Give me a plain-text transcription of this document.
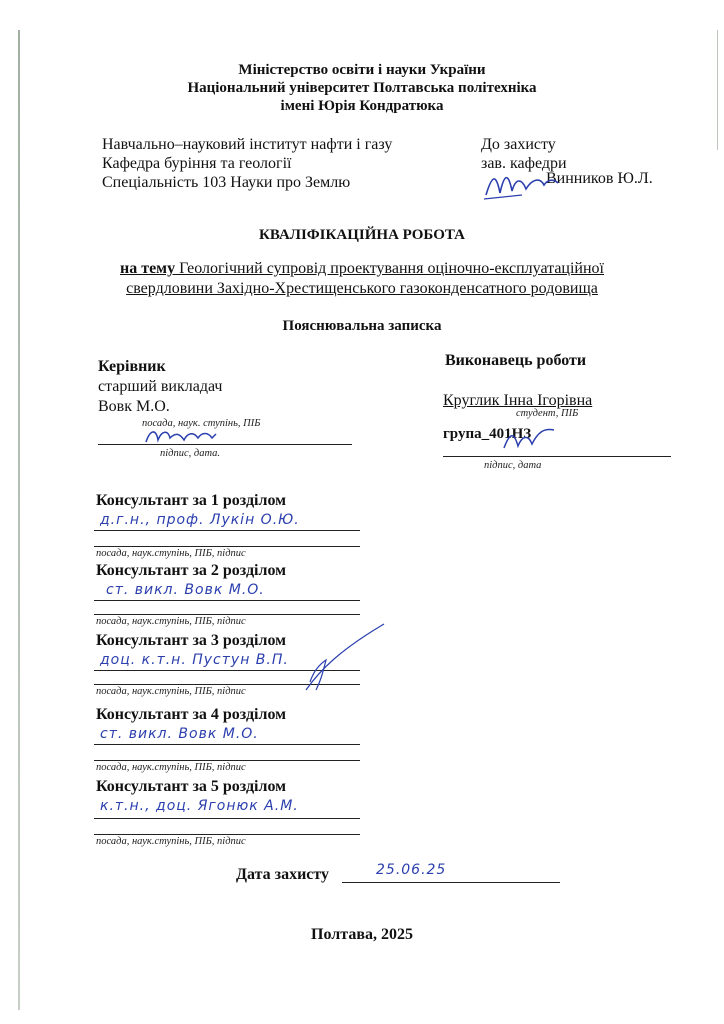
Міністерство освіти і науки України
Національний університет Полтавська політехніка
імені Юрія Кондратюка
Навчально–науковий інститут нафти і газу
Кафедра буріння та геології
Спеціальність 103 Науки про Землю
До захисту
зав. кафедри
Винников Ю.Л.
КВАЛІФІКАЦІЙНА РОБОТА
на тему Геологічний супровід проектування оціночно-експлуатаційної
свердловини Західно-Хрестищенського газоконденсатного родовища
Пояснювальна записка
Керівник
старший викладач
Вовк М.О.
посада, наук. ступінь, ПІБ
підпис, дата.
Виконавець роботи
Круглик Інна Ігорівна
студент, ПІБ
група_401НЗ
підпис, дата
Консультант за 1 розділом
д.г.н., проф. Лукін О.Ю.
посада, наук.ступінь, ПІБ, підпис
Консультант за 2 розділом
ст. викл. Вовк М.О.
посада, наук.ступінь, ПІБ, підпис
Консультант за 3 розділом
доц. к.т.н. Пустун В.П.
посада, наук.ступінь, ПІБ, підпис
Консультант за 4 розділом
ст. викл. Вовк М.О.
посада, наук.ступінь, ПІБ, підпис
Консультант за 5 розділом
к.т.н., доц. Ягонюк А.М.
посада, наук.ступінь, ПІБ, підпис
Дата захисту	25.06.25
Полтава, 2025
